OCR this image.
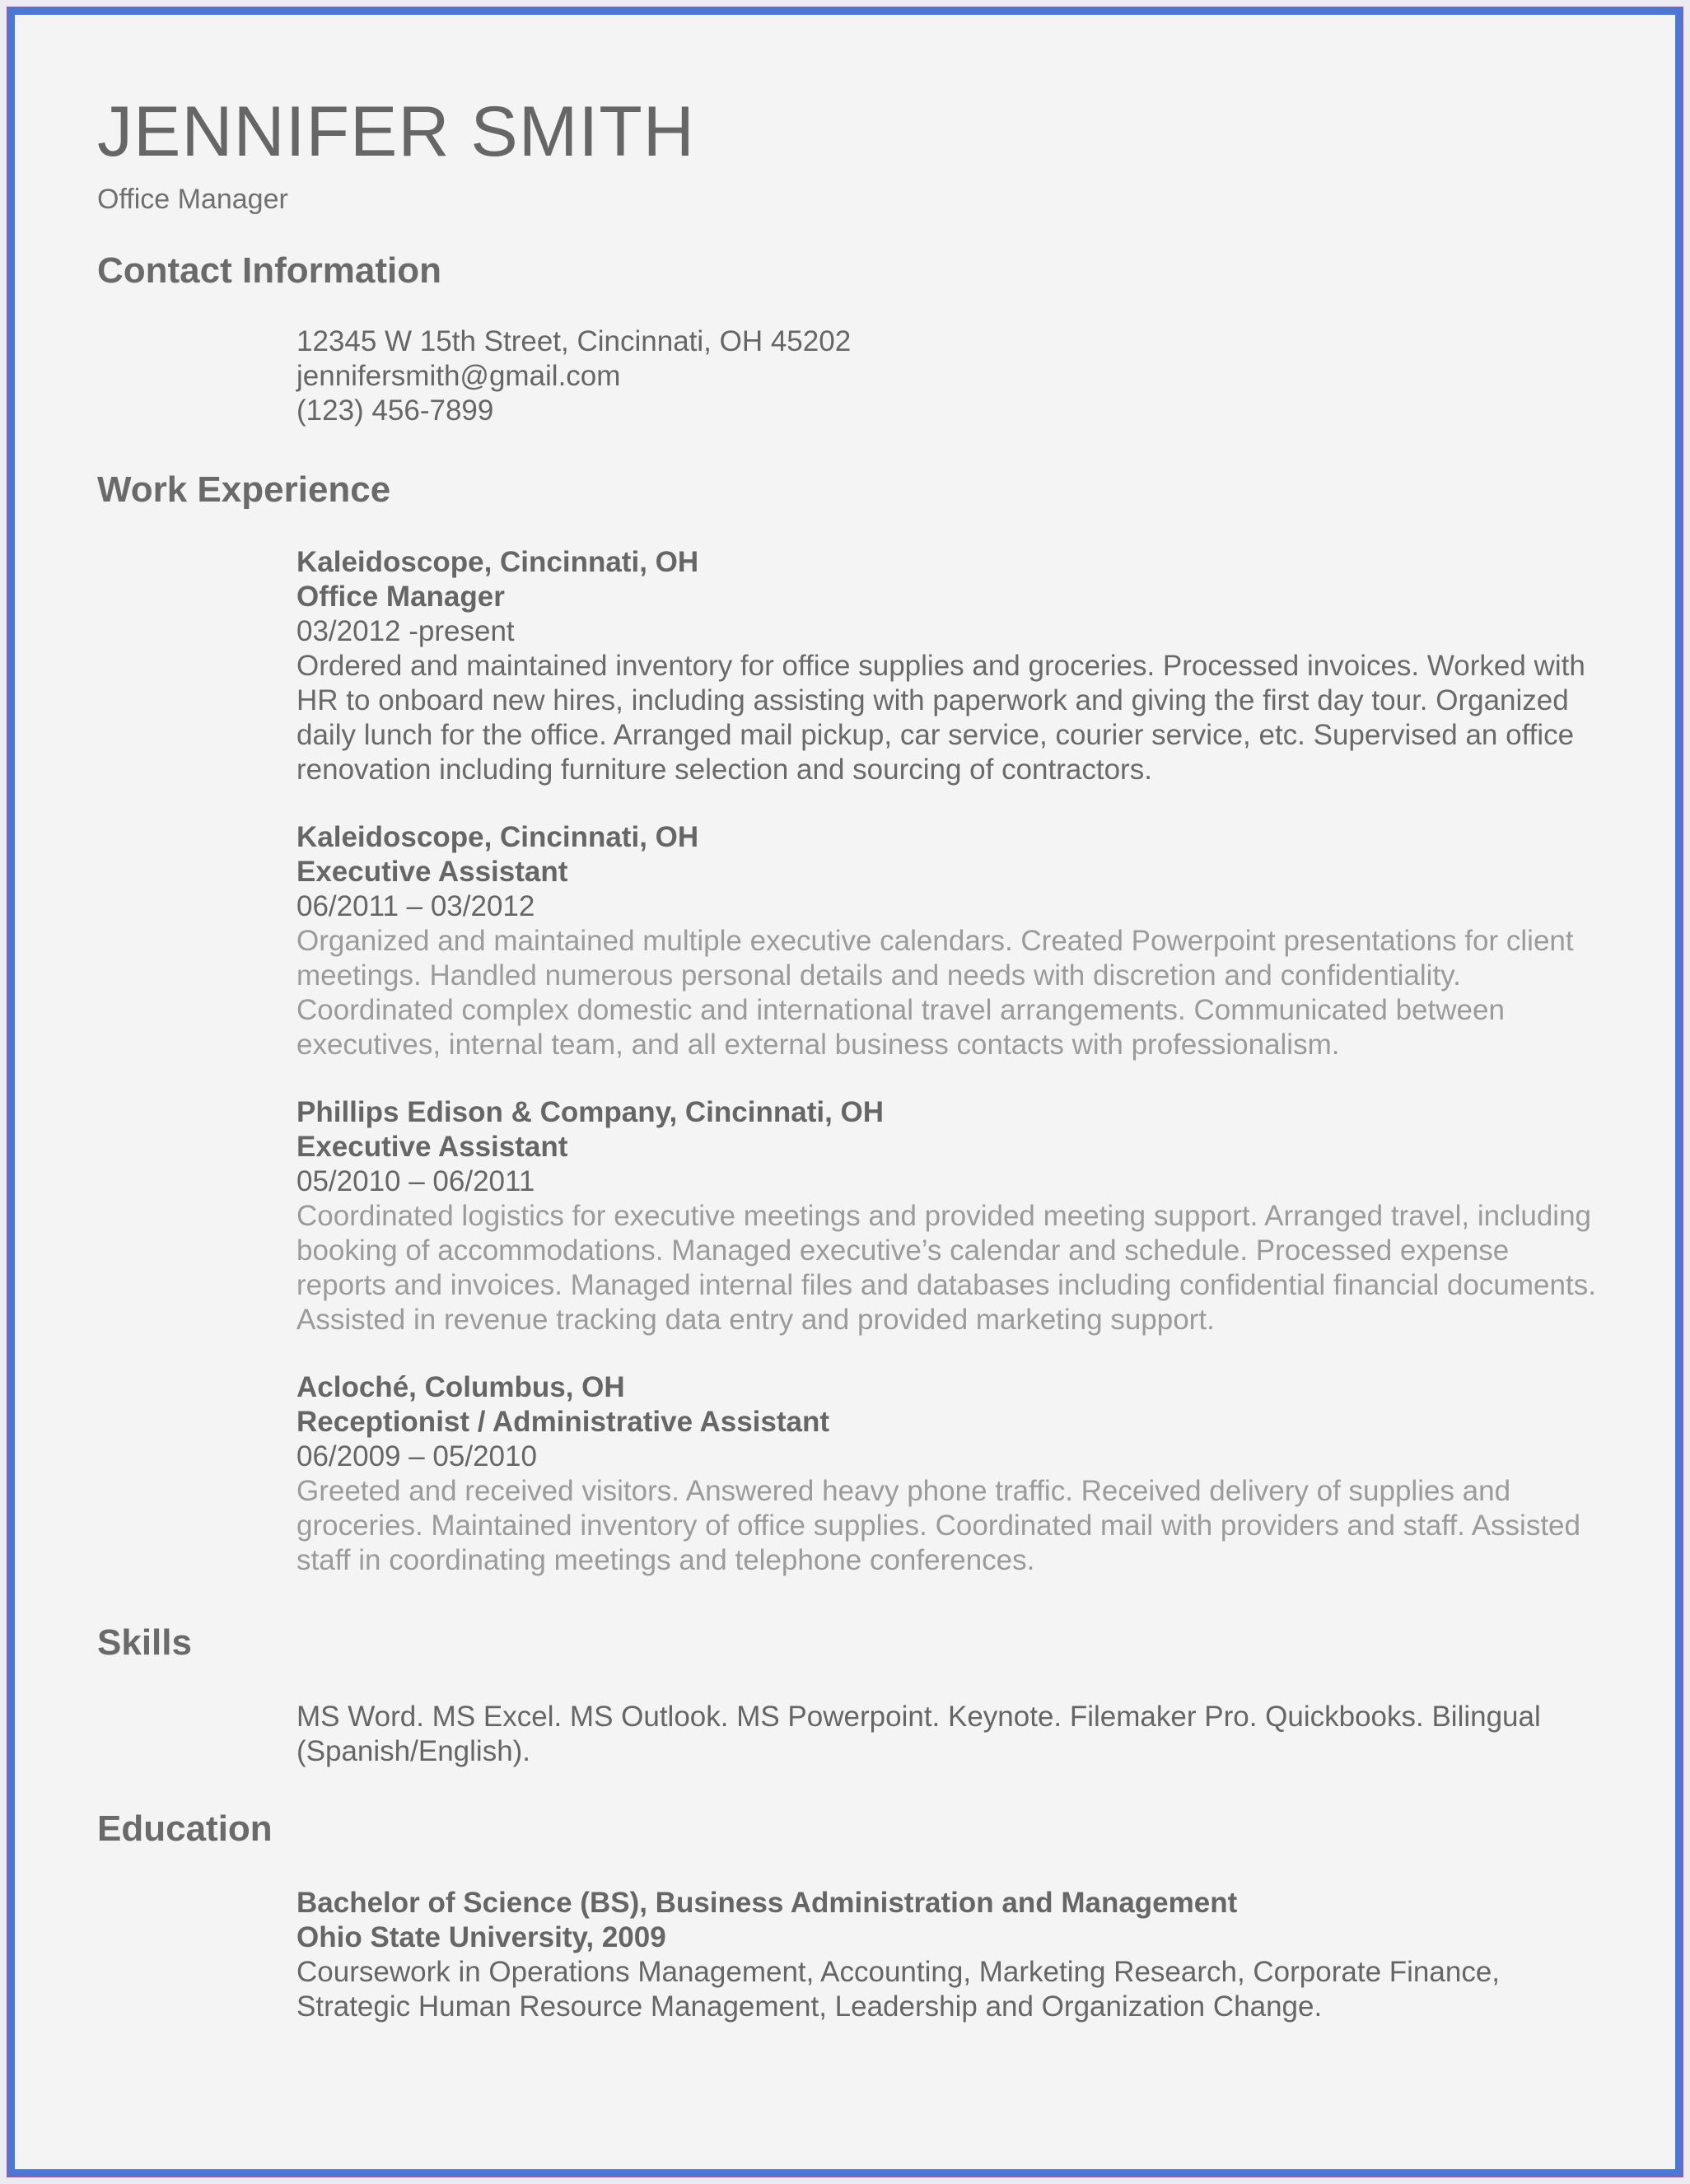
JENNIFER SMITH
Office Manager
Contact Information
12345 W 15th Street, Cincinnati, OH 45202
jennifersmith@gmail.com
(123) 456-7899
Work Experience
Kaleidoscope, Cincinnati, OH
Office Manager
03/2012 -present
Ordered and maintained inventory for office supplies and groceries. Processed invoices. Worked with HR to onboard new hires, including assisting with paperwork and giving the first day tour. Organized daily lunch for the office. Arranged mail pickup, car service, courier service, etc. Supervised an office renovation including furniture selection and sourcing of contractors.
Kaleidoscope, Cincinnati, OH
Executive Assistant
06/2011 – 03/2012
Organized and maintained multiple executive calendars. Created Powerpoint presentations for client meetings. Handled numerous personal details and needs with discretion and confidentiality. Coordinated complex domestic and international travel arrangements. Communicated between executives, internal team, and all external business contacts with professionalism.
Phillips Edison & Company, Cincinnati, OH
Executive Assistant
05/2010 – 06/2011
Coordinated logistics for executive meetings and provided meeting support. Arranged travel, including booking of accommodations. Managed executive’s calendar and schedule. Processed expense reports and invoices. Managed internal files and databases including confidential financial documents. Assisted in revenue tracking data entry and provided marketing support.
Acloché, Columbus, OH
Receptionist / Administrative Assistant
06/2009 – 05/2010
Greeted and received visitors. Answered heavy phone traffic. Received delivery of supplies and groceries. Maintained inventory of office supplies. Coordinated mail with providers and staff. Assisted staff in coordinating meetings and telephone conferences.
Skills
MS Word. MS Excel. MS Outlook. MS Powerpoint. Keynote. Filemaker Pro. Quickbooks. Bilingual (Spanish/English).
Education
Bachelor of Science (BS), Business Administration and Management
Ohio State University, 2009
Coursework in Operations Management, Accounting, Marketing Research, Corporate Finance, Strategic Human Resource Management, Leadership and Organization Change.
